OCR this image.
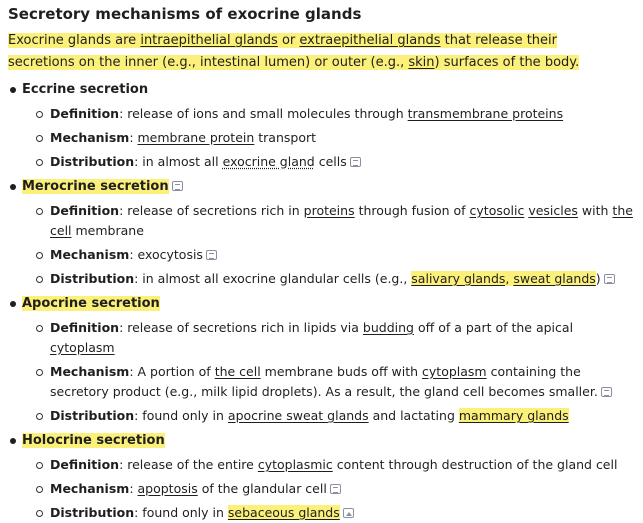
Secretory mechanisms of exocrine glands

Exocrine glands are intraepithelial glands or extraepithelial glands that release their secretions on the inner (e.g., intestinal lumen) or outer (e.g., skin) surfaces of the body.

Eccrine secretion
Definition: release of ions and small molecules through transmembrane proteins
Mechanism: membrane protein transport
Distribution: in almost all exocrine gland cells
Merocrine secretion
Definition: release of secretions rich in proteins through fusion of cytosolic vesicles with the cell membrane
Mechanism: exocytosis
Distribution: in almost all exocrine glandular cells (e.g., salivary glands, sweat glands)
Apocrine secretion
Definition: release of secretions rich in lipids via budding off of a part of the apical cytoplasm
Mechanism: A portion of the cell membrane buds off with cytoplasm containing the secretory product (e.g., milk lipid droplets). As a result, the gland cell becomes smaller.
Distribution: found only in apocrine sweat glands and lactating mammary glands
Holocrine secretion
Definition: release of the entire cytoplasmic content through destruction of the gland cell
Mechanism: apoptosis of the glandular cell
Distribution: found only in sebaceous glands
